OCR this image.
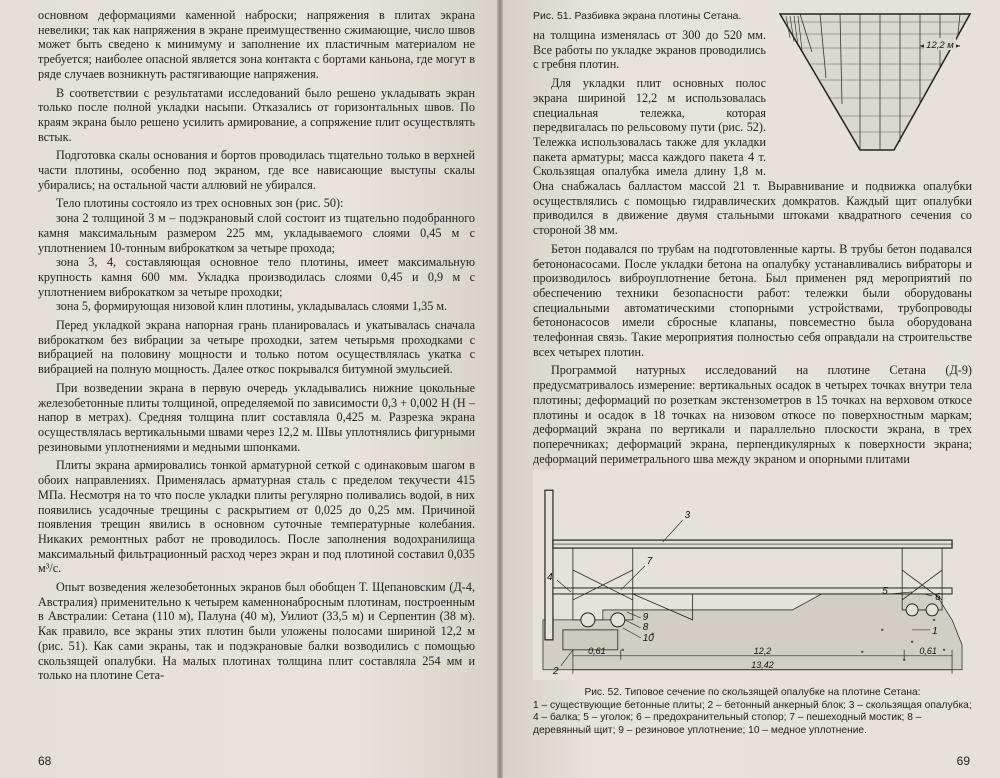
основном деформациями каменной наброски; напряжения в плитах экрана невелики; так как напряжения в экране преимущественно сжимающие, число швов может быть сведено к минимуму и заполнение их пластичным материалом не требуется; наиболее опасной является зона контакта с бортами каньона, где могут в ряде случаев возникнуть растягивающие напряжения.

В соответствии с результатами исследований было решено укладывать экран только после полной укладки насыпи. Отказались от горизонтальных швов. По краям экрана было решено усилить армирование, а сопряжение плит осуществлять встык.

Подготовка скалы основания и бортов проводилась тщательно только в верхней части плотины, особенно под экраном, где все нависающие выступы скалы убирались; на остальной части аллювий не убирался.

Тело плотины состояло из трех основных зон (рис. 50):

зона 2 толщиной 3 м – подэкрановый слой состоит из тщательно подобранного камня максимальным размером 225 мм, укладываемого слоями 0,45 м с уплотнением 10-тонным виброкатком за четыре прохода;

зона 3, 4, составляющая основное тело плотины, имеет максимальную крупность камня 600 мм. Укладка производилась слоями 0,45 и 0,9 м с уплотнением виброкатком за четыре проходки;

зона 5, формирующая низовой клин плотины, укладывалась слоями 1,35 м.

Перед укладкой экрана напорная грань планировалась и укатывалась сначала виброкатком без вибрации за четыре проходки, затем четырьмя проходками с вибрацией на половину мощности и только потом осуществлялась укатка с вибрацией на полную мощность. Далее откос покрывался битумной эмульсией.

При возведении экрана в первую очередь укладывались нижние цокольные железобетонные плиты толщиной, определяемой по зависимости 0,3 + 0,002 H (H – напор в метрах). Средняя толщина плит составляла 0,425 м. Разрезка экрана осуществлялась вертикальными швами через 12,2 м. Швы уплотнялись фигурными резиновыми уплотнениями и медными шпонками.

Плиты экрана армировались тонкой арматурной сеткой с одинаковым шагом в обоих направлениях. Применялась арматурная сталь с пределом текучести 415 МПа. Несмотря на то что после укладки плиты регулярно поливались водой, в них появились усадочные трещины с раскрытием от 0,025 до 0,25 мм. Причиной появления трещин явились в основном суточные температурные колебания. Никаких ремонтных работ не проводилось. После заполнения водохранилища максимальный фильтрационный расход через экран и под плотиной составил 0,035 м³/с.

Опыт возведения железобетонных экранов был обобщен Т. Щепановским (Д-4, Австралия) применительно к четырем каменнонабросным плотинам, построенным в Австралии: Сетана (110 м), Палуна (40 м), Уилиот (33,5 м) и Серпентин (38 м). Как правило, все экраны этих плотин были уложены полосами шириной 12,2 м (рис. 51). Как сами экраны, так и подэкрановые балки возводились с помощью скользящей опалубки. На малых плотинах толщина плит составляла 254 мм и только на плотине Сета-

68
12,2 м
Рис. 51. Разбивка экрана плотины Сетана.

на толщина изменялась от 300 до 520 мм. Все работы по укладке экранов проводились с гребня плотин.

Для укладки плит основных полос экрана шириной 12,2 м использовалась специальная тележка, которая передвигалась по рельсовому пути (рис. 52). Тележка использовалась также для укладки пакета арматуры; масса каждого пакета 4 т. Скользящая опалубка имела длину 1,8 м. Она снабжалась балластом массой 21 т. Выравнивание и подвижка опалубки осуществлялись с помощью гидравлических домкратов. Каждый щит опалубки приводился в движение двумя стальными штоками квадратного сечения со стороной 38 мм.

Бетон подавался по трубам на подготовленные карты. В трубы бетон подавался бетононасосами. После укладки бетона на опалубку устанавливались вибраторы и производилось виброуплотнение бетона. Был применен ряд мероприятий по обеспечению техники безопасности работ: тележки были оборудованы специальными автоматическими стопорными устройствами, трубопроводы бетононасосов имели сбросные клапаны, повсеместно была оборудована телефонная связь. Такие мероприятия полностью себя оправдали на строительстве всех четырех плотин.

Программой натурных исследований на плотине Сетана (Д-9) предусматривалось измерение: вертикальных осадок в четырех точках внутри тела плотины; деформаций по розеткам экстензометров в 15 точках на верховом откосе плотины и осадок в 18 точках на низовом откосе по поверхностным маркам; деформаций экрана по вертикали и параллельно плоскости экрана, в трех поперечниках; деформаций экрана, перпендикулярных к поверхности экрана; деформаций периметрального шва между экраном и опорными плитами

3
7
4
5
6
9
8
10
2
1
0,61	12,2	0,61
13,42
Рис. 52. Типовое сечение по скользящей опалубке на плотине Сетана:
1 – существующие бетонные плиты; 2 – бетонный анкерный блок; 3 – скользящая опалубка; 4 – балка; 5 – уголок; 6 – предохранительный стопор; 7 – пешеходный мостик; 8 – деревянный щит; 9 – резиновое уплотнение; 10 – медное уплотнение.
69
